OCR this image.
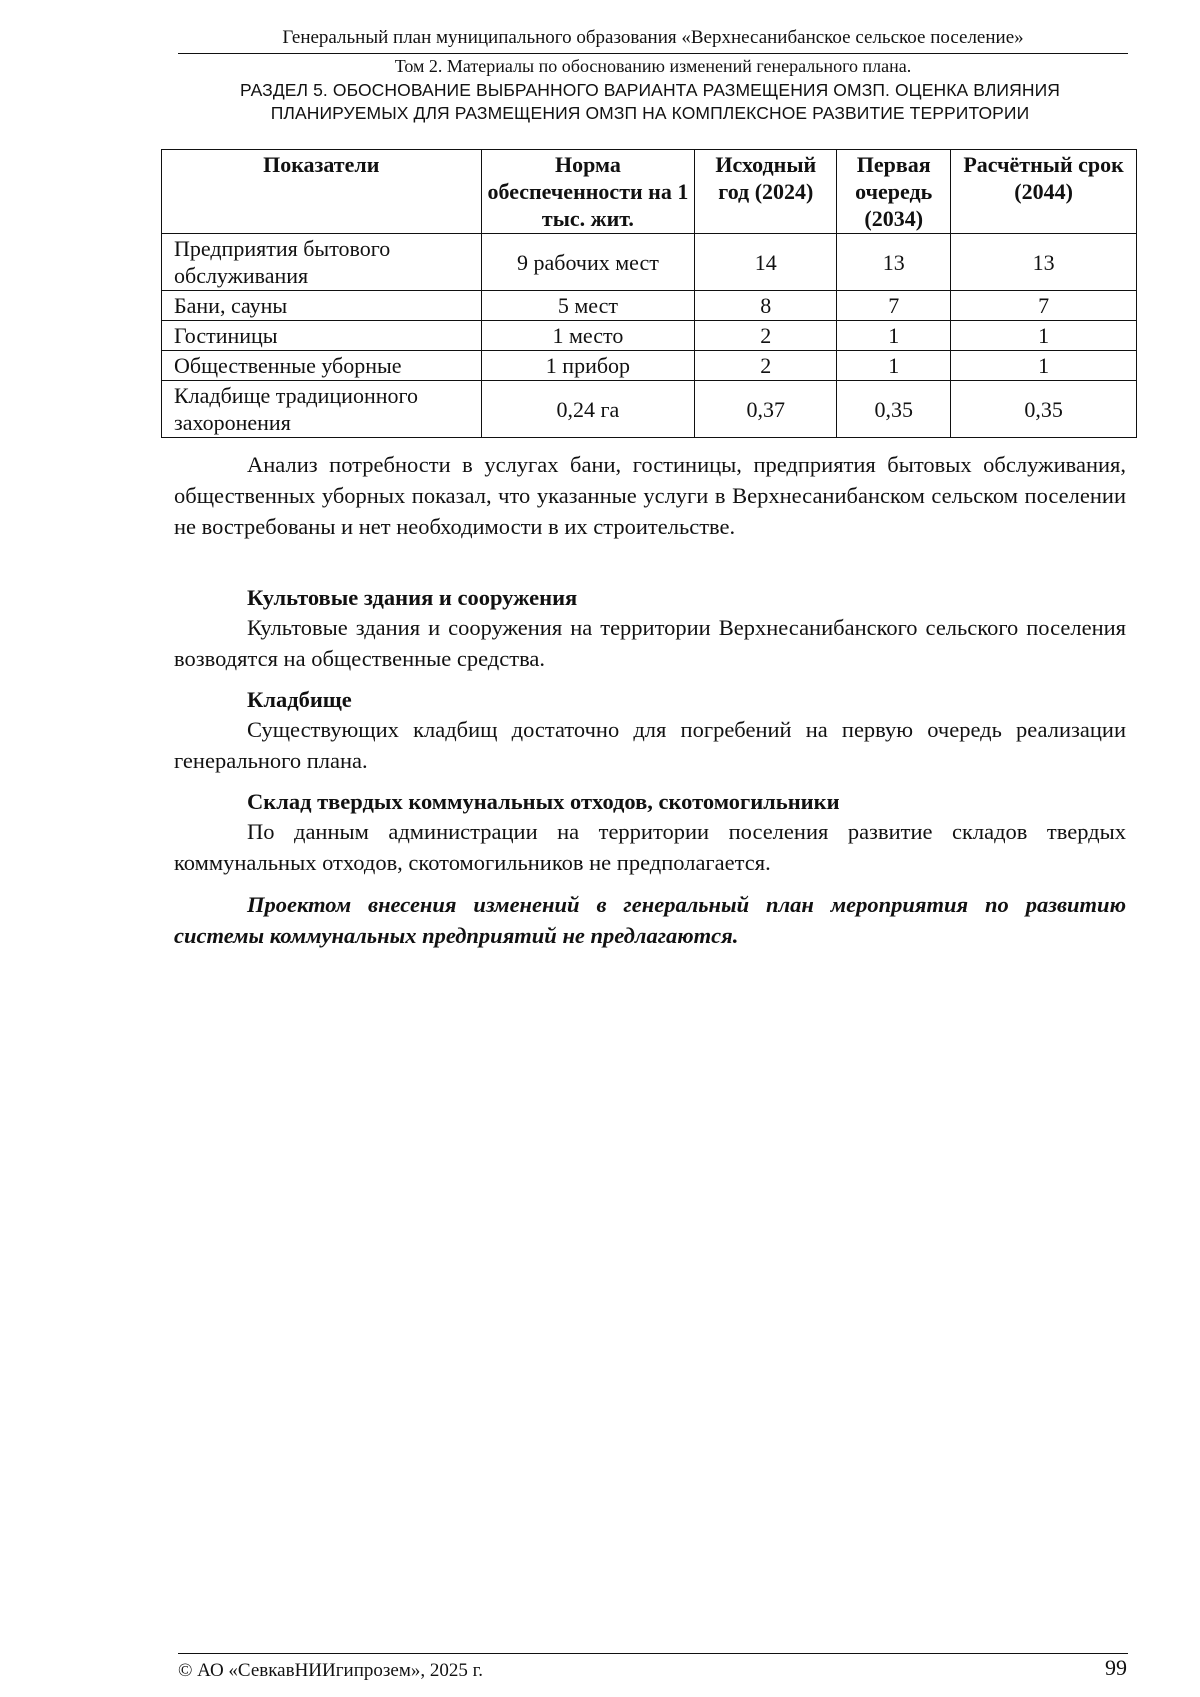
Генеральный план муниципального образования «Верхнесанибанское сельское поселение»
Том 2. Материалы по обоснованию изменений генерального плана.
РАЗДЕЛ 5. ОБОСНОВАНИЕ ВЫБРАННОГО ВАРИАНТА РАЗМЕЩЕНИЯ ОМЗП. ОЦЕНКА ВЛИЯНИЯ
ПЛАНИРУЕМЫХ ДЛЯ РАЗМЕЩЕНИЯ ОМЗП НА КОМПЛЕКСНОЕ РАЗВИТИЕ ТЕРРИТОРИИ
Показатели	Норма обеспеченности на 1 тыс. жит.	Исходный год (2024)	Первая очередь (2034)	Расчётный срок (2044)
Предприятия бытового обслуживания	9 рабочих мест	14	13	13
Бани, сауны	5 мест	8	7	7
Гостиницы	1 место	2	1	1
Общественные уборные	1 прибор	2	1	1
Кладбище традиционного захоронения	0,24 га	0,37	0,35	0,35

Анализ потребности в услугах бани, гостиницы, предприятия бытовых обслуживания, общественных уборных показал, что указанные услуги в Верхнесанибанском сельском поселении не востребованы и нет необходимости в их строительстве.

Культовые здания и сооружения

Культовые здания и сооружения на территории Верхнесанибанского сельского поселения возводятся на общественные средства.

Кладбище

Существующих кладбищ достаточно для погребений на первую очередь реализации генерального плана.

Склад твердых коммунальных отходов, скотомогильники

По данным администрации на территории поселения развитие складов твердых коммунальных отходов, скотомогильников не предполагается.

Проектом внесения изменений в генеральный план мероприятия по развитию системы коммунальных предприятий не предлагаются.

© АО «СевкавНИИгипрозем», 2025 г.	99
